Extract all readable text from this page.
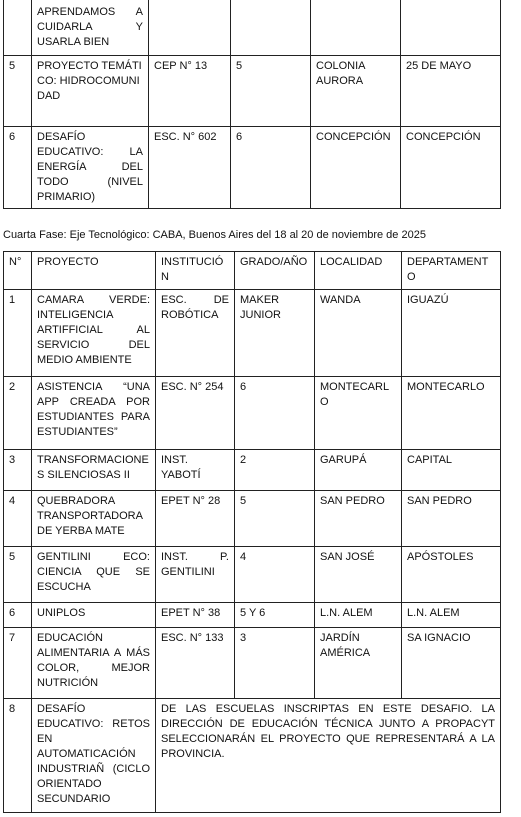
	APRENDAMOS A CUIDARLA Y USARLA BIEN				
5	PROYECTO TEMÁTICO: HIDROCOMUNIDAD	CEP N° 13	5	COLONIA AURORA	25 DE MAYO
6	DESAFÍO EDUCATIVO: LA ENERGÍA DEL TODO (NIVEL PRIMARIO)	ESC. N° 602	6	CONCEPCIÓN	CONCEPCIÓN
Cuarta Fase: Eje Tecnológico: CABA, Buenos Aires del 18 al 20 de noviembre de 2025
N°	PROYECTO	INSTITUCIÓN	GRADO/AÑO	LOCALIDAD	DEPARTAMENTO
1	CAMARA VERDE: INTELIGENCIA ARTIFFICIAL AL SERVICIO DEL MEDIO AMBIENTE	ESC. DE ROBÓTICA	MAKER JUNIOR	WANDA	IGUAZÚ
2	ASISTENCIA “UNA APP CREADA POR ESTUDIANTES PARA ESTUDIANTES”	ESC. N° 254	6	MONTECARLO	MONTECARLO
3	TRANSFORMACIONES SILENCIOSAS II	INST. YABOTÍ	2	GARUPÁ	CAPITAL
4	QUEBRADORA TRANSPORTADORA DE YERBA MATE	EPET N° 28	5	SAN PEDRO	SAN PEDRO
5	GENTILINI ECO: CIENCIA QUE SE ESCUCHA	INST. P. GENTILINI	4	SAN JOSÉ	APÓSTOLES
6	UNIPLOS	EPET N° 38	5 Y 6	L.N. ALEM	L.N. ALEM
7	EDUCACIÓN ALIMENTARIA A MÁS COLOR, MEJOR NUTRICIÓN	ESC. N° 133	3	JARDÍN AMÉRICA	SA IGNACIO
8	DESAFÍO EDUCATIVO: RETOS EN AUTOMATICACIÓN INDUSTRIAÑ (CICLO ORIENTADO SECUNDARIO	DE LAS ESCUELAS INSCRIPTAS EN ESTE DESAFIO. LA DIRECCIÓN DE EDUCACIÓN TÉCNICA JUNTO A PROPACYT SELECCIONARÁN EL PROYECTO QUE REPRESENTARÁ A LA PROVINCIA.			
